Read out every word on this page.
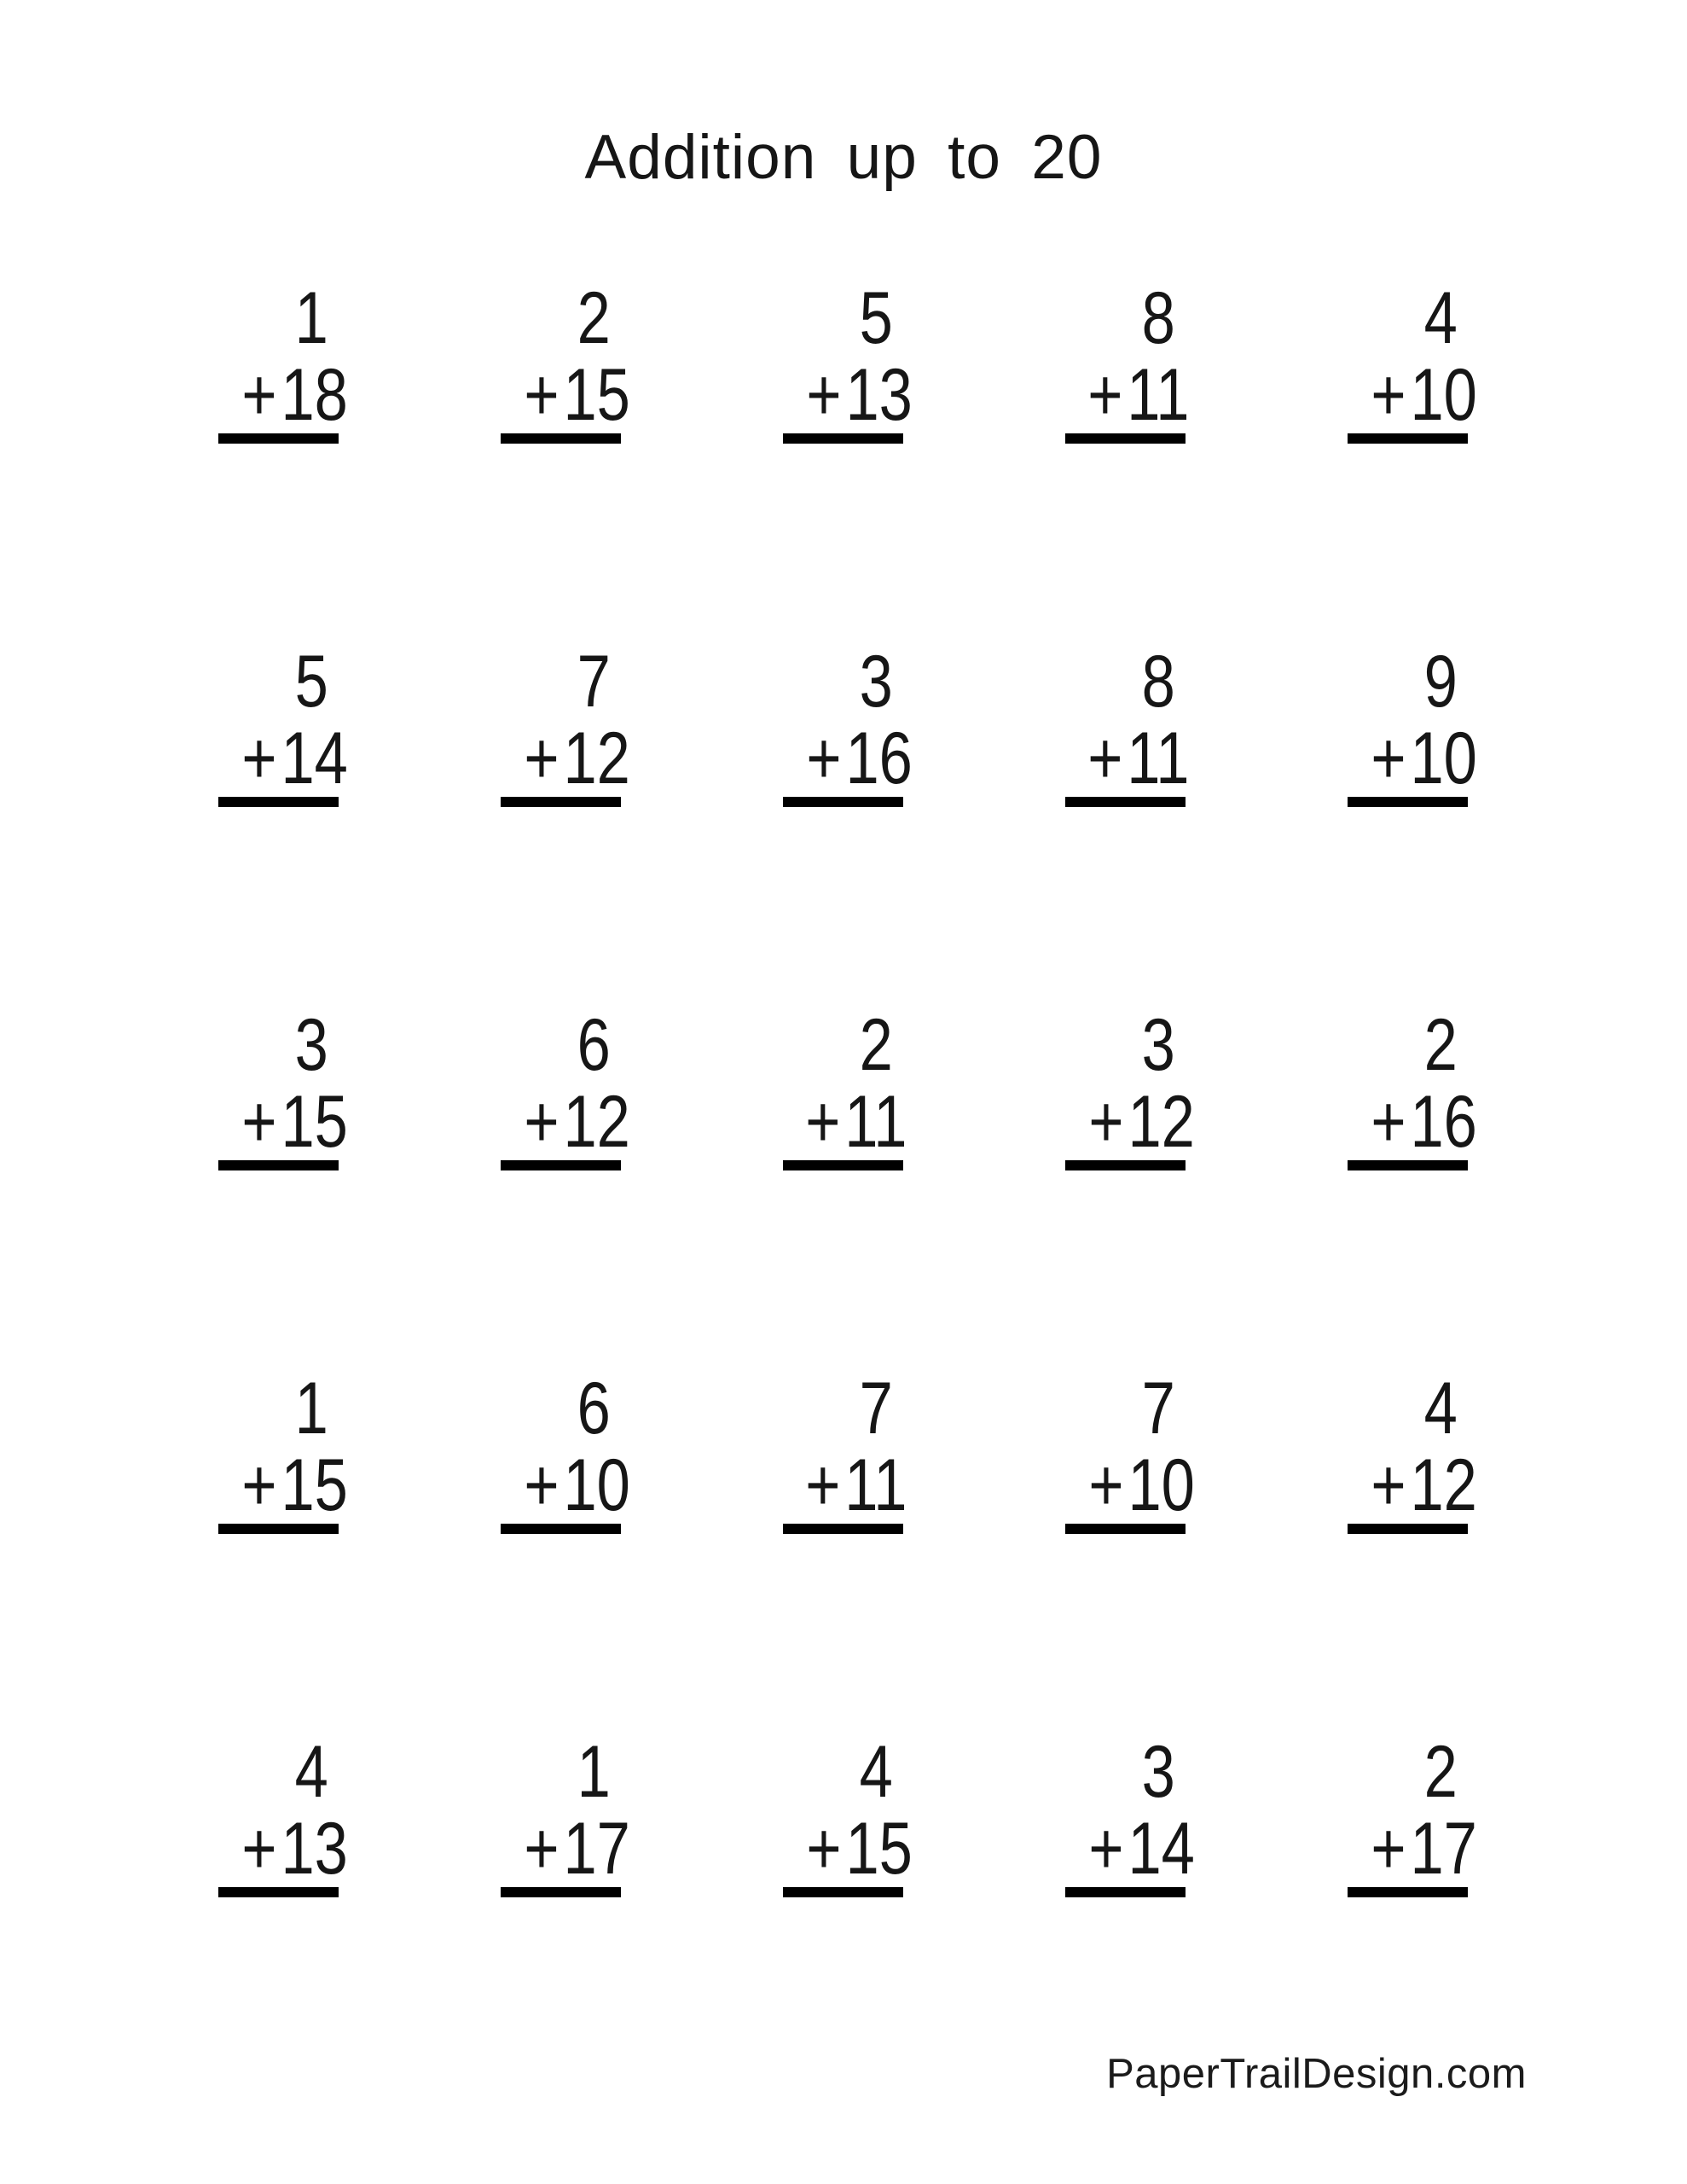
Addition up to 20
1
+18
2
+15
5
+13
8
+11
4
+10
5
+14
7
+12
3
+16
8
+11
9
+10
3
+15
6
+12
2
+11
3
+12
2
+16
1
+15
6
+10
7
+11
7
+10
4
+12
4
+13
1
+17
4
+15
3
+14
2
+17
PaperTrailDesign.com
